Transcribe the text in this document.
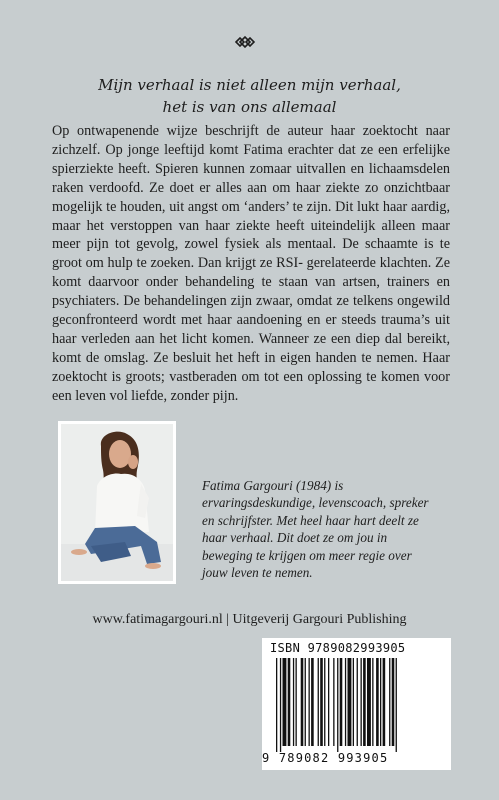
Mijn verhaal is niet alleen mijn verhaal,
het is van ons allemaal

Op ontwapenende wijze beschrijft de auteur haar zoektocht naar zichzelf. Op jonge leeftijd komt Fatima erachter dat ze een erfelijke spierziekte heeft. Spieren kunnen zomaar uitvallen en lichaamsdelen raken verdoofd. Ze doet er alles aan om haar ziekte zo onzichtbaar mogelijk te houden, uit angst om ‘anders’ te zijn. Dit lukt haar aardig, maar het verstoppen van haar ziekte heeft uiteindelijk alleen maar meer pijn tot gevolg, zowel fysiek als mentaal. De schaamte is te groot om hulp te zoeken. Dan krijgt ze RSI- gerelateerde klachten. Ze komt daarvoor onder behandeling te staan van artsen, trainers en psychiaters. De behandelingen zijn zwaar, omdat ze telkens ongewild geconfronteerd wordt met haar aandoening en er steeds trauma’s uit haar verleden aan het licht komen. Wanneer ze een diep dal bereikt, komt de omslag. Ze besluit het heft in eigen handen te nemen. Haar zoektocht is groots; vastberaden om tot een oplossing te komen voor een leven vol liefde, zonder pijn.

Fatima Gargouri (1984) is ervaringsdeskundige, levenscoach, spreker en schrijfster. Met heel haar hart deelt ze haar verhaal. Dit doet ze om jou in beweging te krijgen om meer regie over jouw leven te nemen.

www.fatimagargouri.nl | Uitgeverij Gargouri Publishing
ISBN 9789082993905
9 789082 993905
